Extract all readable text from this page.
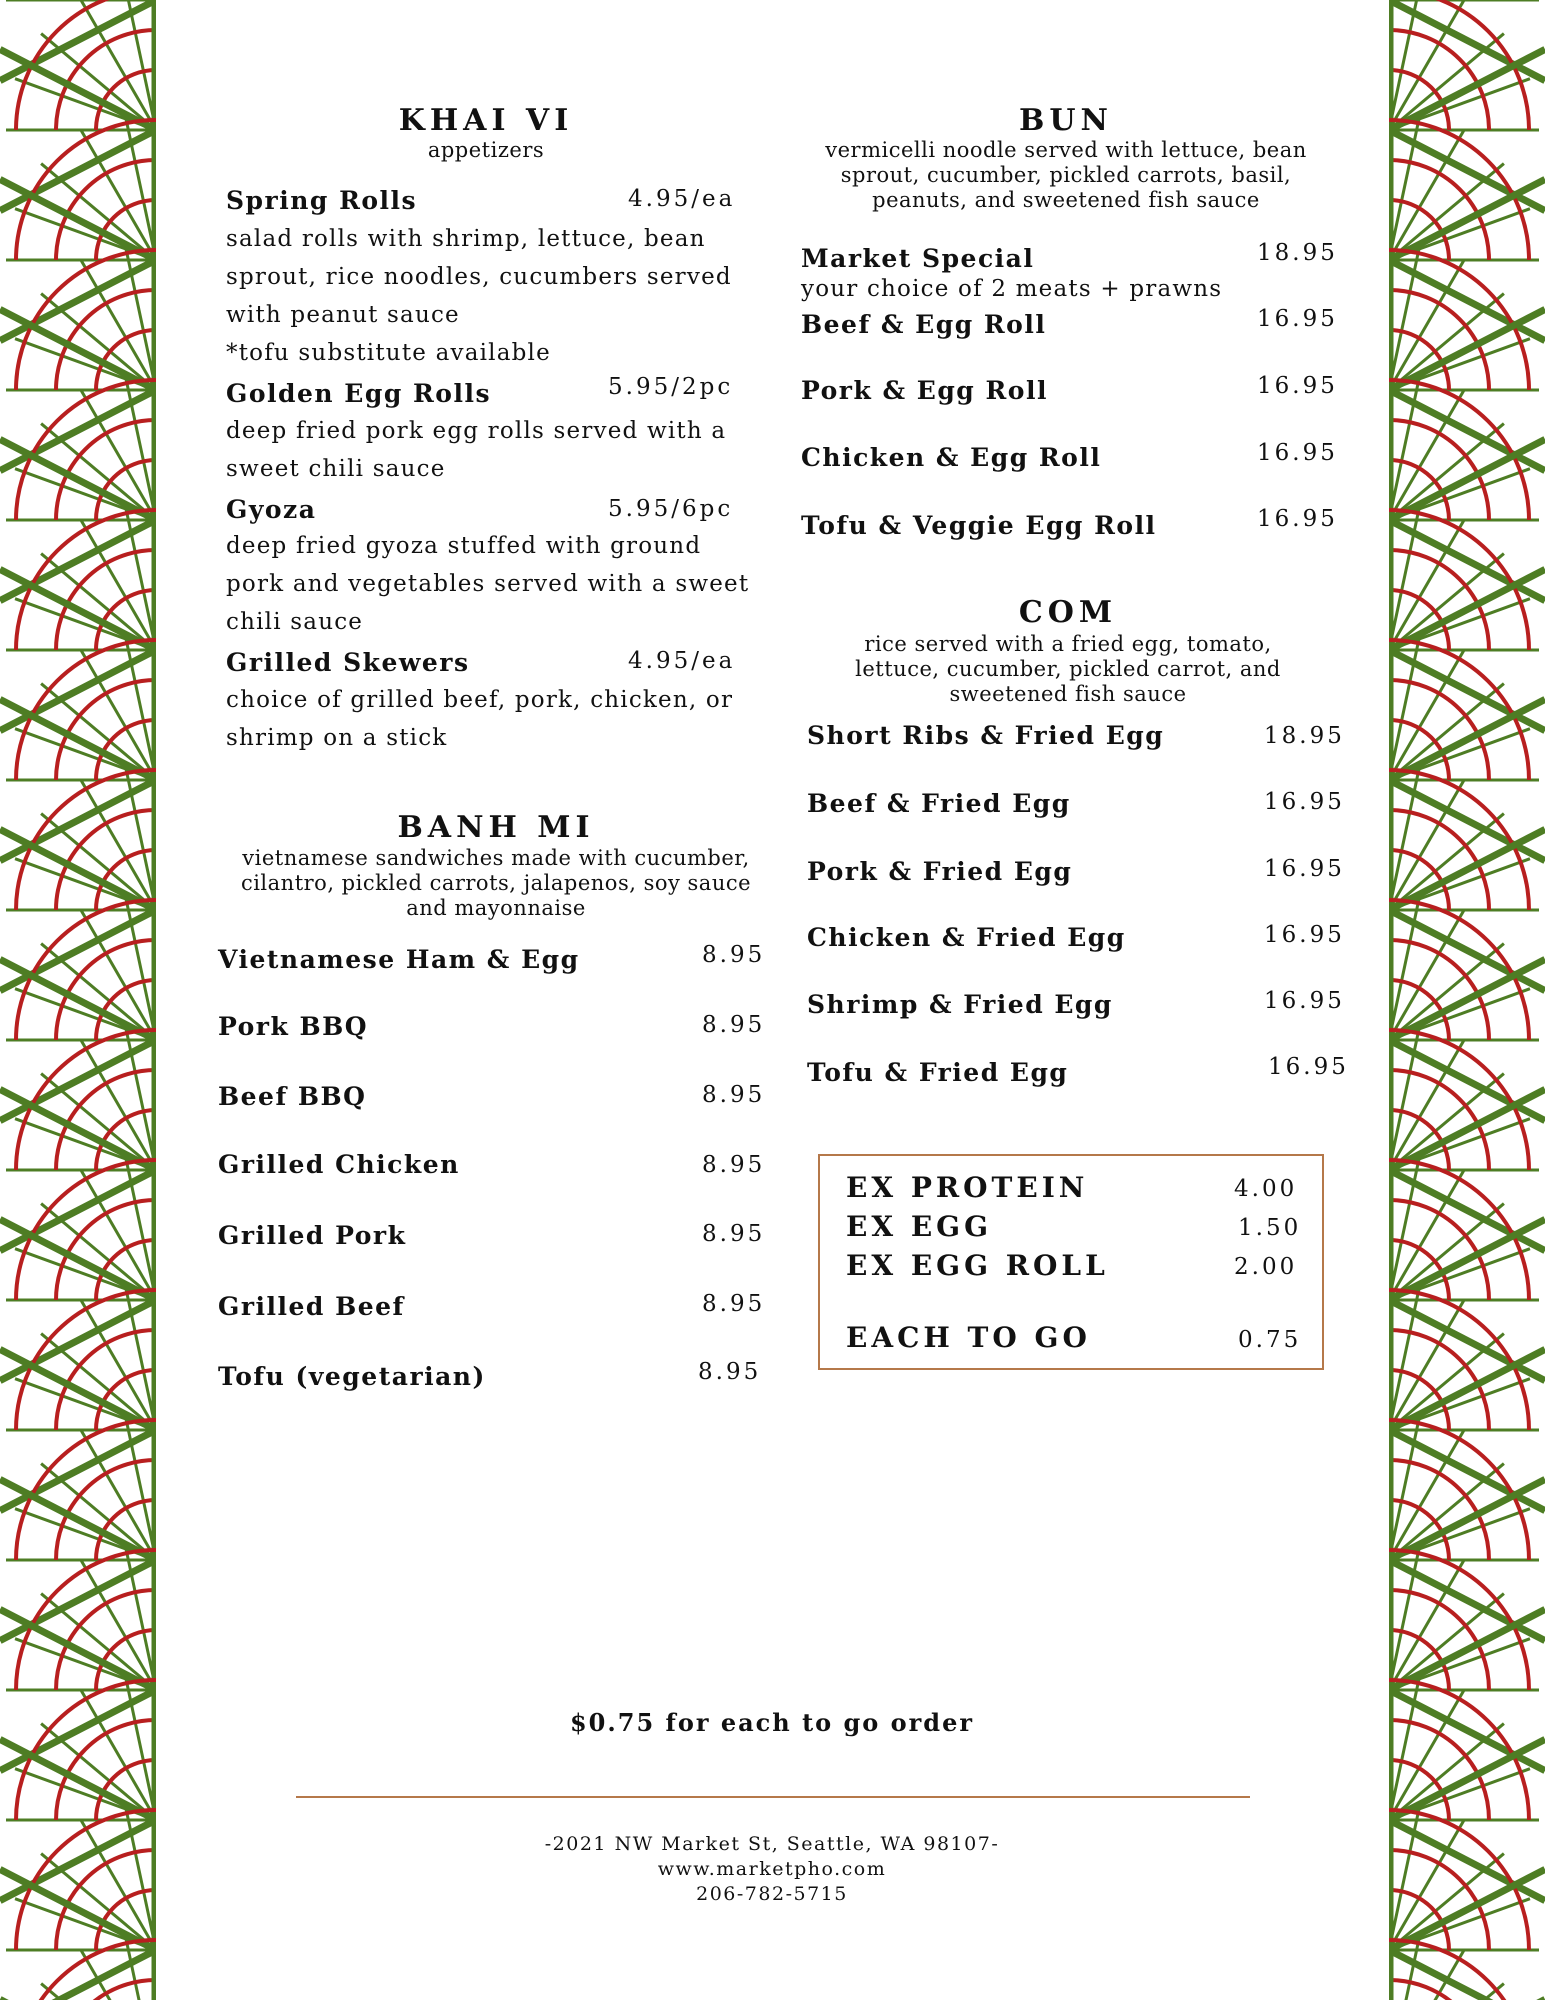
KHAI VI
appetizers
Spring Rolls	4.95/ea
salad rolls with shrimp, lettuce, bean
sprout, rice noodles, cucumbers served
with peanut sauce
*tofu substitute available
Golden Egg Rolls	5.95/2pc
deep fried pork egg rolls served with a
sweet chili sauce
Gyoza	5.95/6pc
deep fried gyoza stuffed with ground
pork and vegetables served with a sweet
chili sauce
Grilled Skewers	4.95/ea
choice of grilled beef, pork, chicken, or
shrimp on a stick
BANH MI
vietnamese sandwiches made with cucumber,
cilantro, pickled carrots, jalapenos, soy sauce
and mayonnaise
Vietnamese Ham & Egg	8.95
Pork BBQ	8.95
Beef BBQ	8.95
Grilled Chicken	8.95
Grilled Pork	8.95
Grilled Beef	8.95
Tofu (vegetarian)	8.95
BUN
vermicelli noodle served with lettuce, bean
sprout, cucumber, pickled carrots, basil,
peanuts, and sweetened fish sauce
Market Special	18.95
your choice of 2 meats + prawns
Beef & Egg Roll	16.95
Pork & Egg Roll	16.95
Chicken & Egg Roll	16.95
Tofu & Veggie Egg Roll	16.95
COM
rice served with a fried egg, tomato,
lettuce, cucumber, pickled carrot, and
sweetened fish sauce
Short Ribs & Fried Egg	18.95
Beef & Fried Egg	16.95
Pork & Fried Egg	16.95
Chicken & Fried Egg	16.95
Shrimp & Fried Egg	16.95
Tofu & Fried Egg	16.95
EX PROTEIN	4.00
EX EGG	1.50
EX EGG ROLL	2.00
EACH TO GO	0.75
$0.75 for each to go order
-2021 NW Market St, Seattle, WA 98107-
www.marketpho.com
206-782-5715
